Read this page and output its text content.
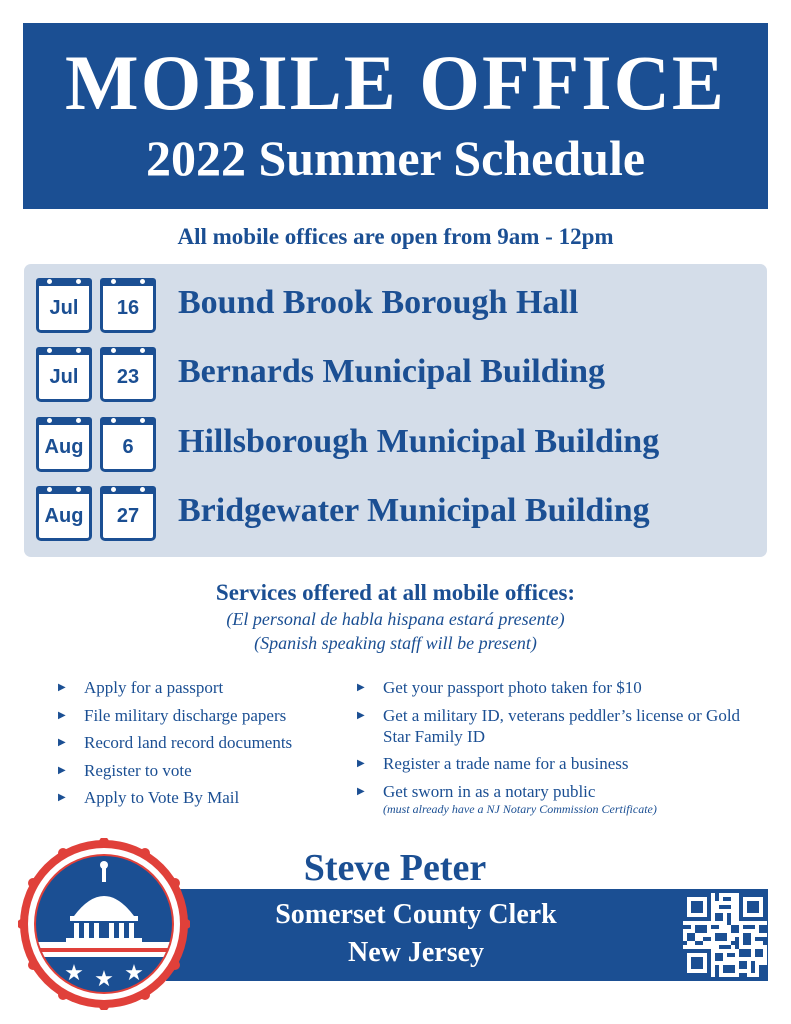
MOBILE OFFICE
2022 Summer Schedule
All mobile offices are open from 9am - 12pm
Jul	16	Bound Brook Borough Hall
Jul	23	Bernards Municipal Building
Aug	6	Hillsborough Municipal Building
Aug	27	Bridgewater Municipal Building
Services offered at all mobile offices:
(El personal de habla hispana estará presente)
(Spanish speaking staff will be present)
▶ Apply for a passport
▶ File military discharge papers
▶ Record land record documents
▶ Register to vote
▶ Apply to Vote By Mail
▶ Get your passport photo taken for $10
▶ Get a military ID, veterans peddler’s license or Gold Star Family ID
▶ Register a trade name for a business
▶ Get sworn in as a notary public
(must already have a NJ Notary Commission Certificate)
Steve Peter
Somerset County Clerk
New Jersey
★ ★ ★
